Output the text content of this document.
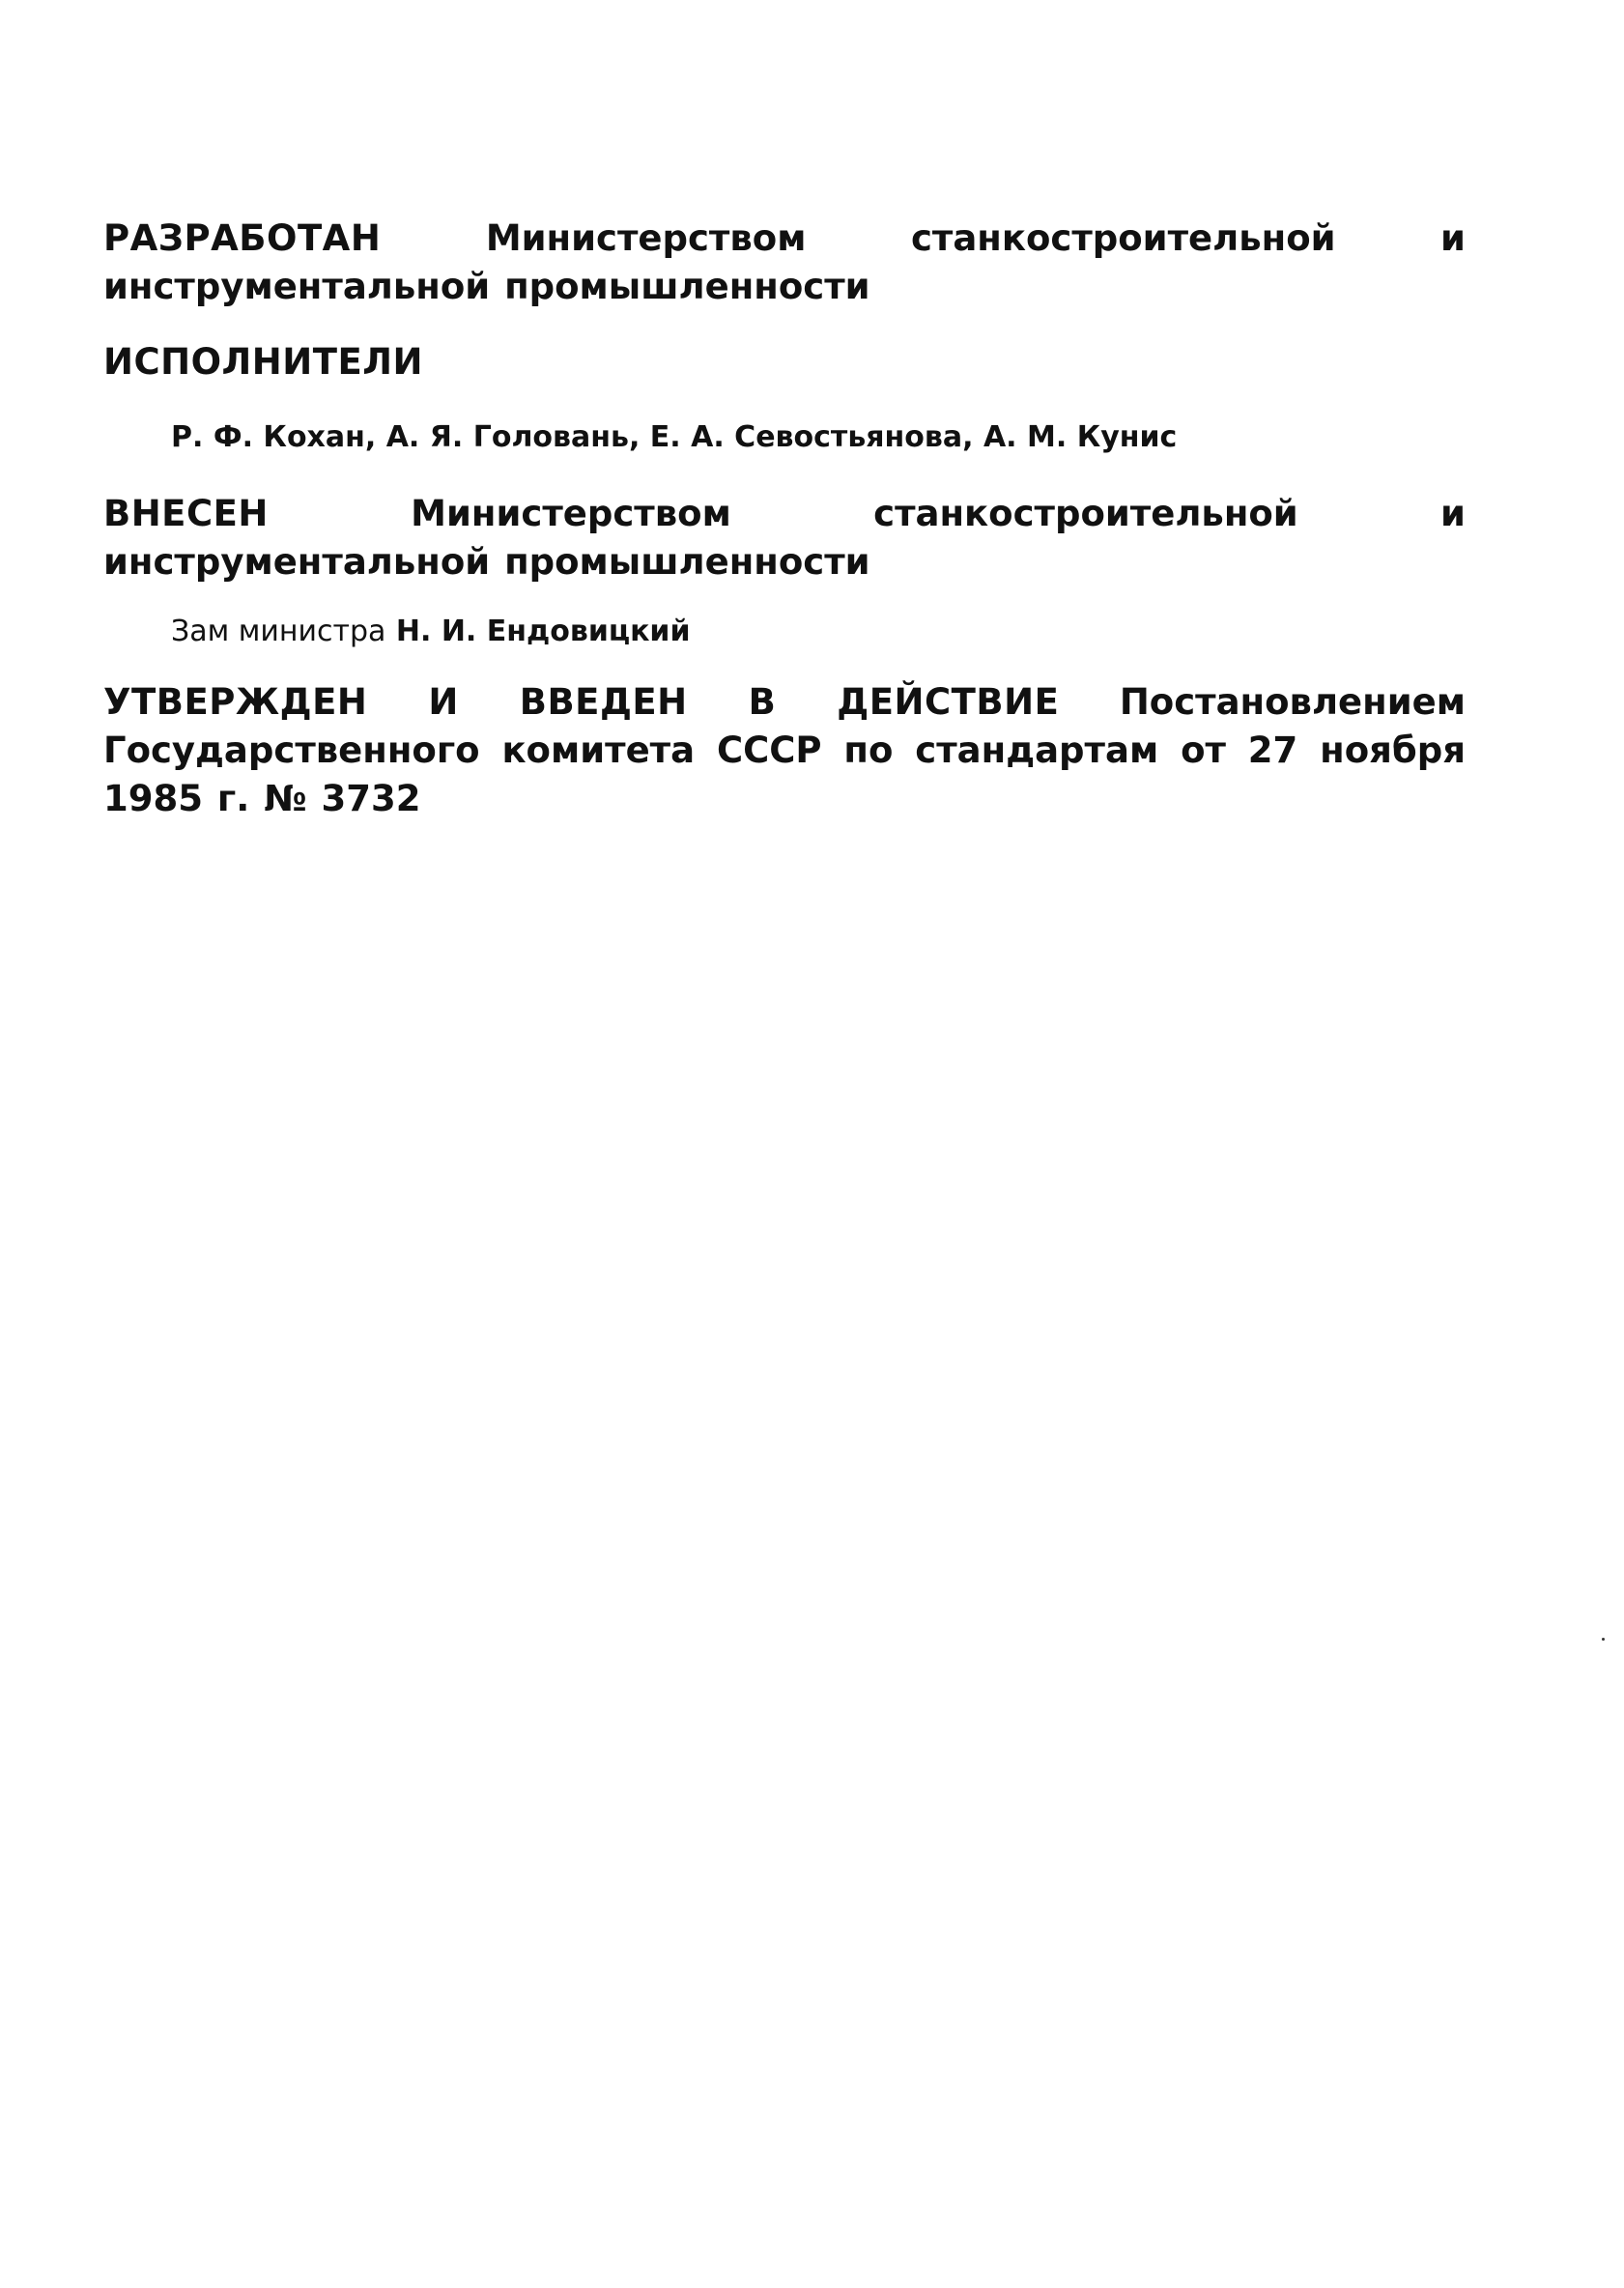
РАЗРАБОТАН	Министерством станкостроительной и инструментальной промышленности

ИСПОЛНИТЕЛИ

Р. Ф. Кохан, А. Я. Головань, Е. А. Севостьянова, А. М. Кунис

ВНЕСЕН	Министерством станкостроительной и инструментальной промышленности

Зам министра Н. И. Ендовицкий

УТВЕРЖДЕН И ВВЕДЕН В ДЕЙСТВИЕ Постановлением Государственного комитета СССР по стандартам от 27 ноября 1985 г. № 3732
